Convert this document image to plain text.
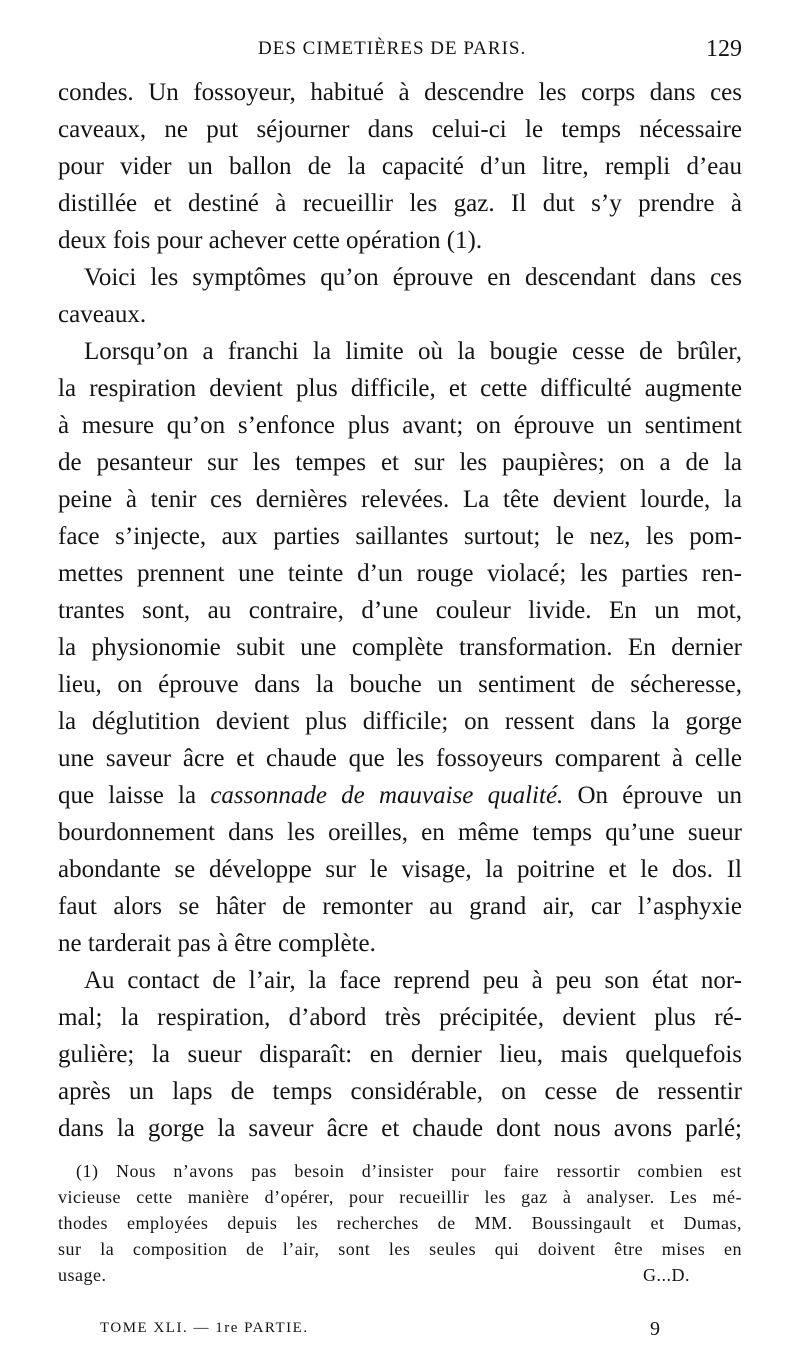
DES CIMETIÈRES DE PARIS.	129
condes. Un fossoyeur, habitué à descendre les corps dans ces
caveaux, ne put séjourner dans celui-ci le temps nécessaire
pour vider un ballon de la capacité d’un litre, rempli d’eau
distillée et destiné à recueillir les gaz. Il dut s’y prendre à
deux fois pour achever cette opération (1).
Voici les symptômes qu’on éprouve en descendant dans ces
caveaux.
Lorsqu’on a franchi la limite où la bougie cesse de brûler,
la respiration devient plus difficile, et cette difficulté augmente
à mesure qu’on s’enfonce plus avant; on éprouve un sentiment
de pesanteur sur les tempes et sur les paupières; on a de la
peine à tenir ces dernières relevées. La tête devient lourde, la
face s’injecte, aux parties saillantes surtout; le nez, les pom-
mettes prennent une teinte d’un rouge violacé; les parties ren-
trantes sont, au contraire, d’une couleur livide. En un mot,
la physionomie subit une complète transformation. En dernier
lieu, on éprouve dans la bouche un sentiment de sécheresse,
la déglutition devient plus difficile; on ressent dans la gorge
une saveur âcre et chaude que les fossoyeurs comparent à celle
que laisse la cassonnade de mauvaise qualité. On éprouve un
bourdonnement dans les oreilles, en même temps qu’une sueur
abondante se développe sur le visage, la poitrine et le dos. Il
faut alors se hâter de remonter au grand air, car l’asphyxie
ne tarderait pas à être complète.
Au contact de l’air, la face reprend peu à peu son état nor-
mal; la respiration, d’abord très précipitée, devient plus ré-
gulière; la sueur disparaît: en dernier lieu, mais quelquefois
après un laps de temps considérable, on cesse de ressentir
dans la gorge la saveur âcre et chaude dont nous avons parlé;
(1) Nous n’avons pas besoin d’insister pour faire ressortir combien est
vicieuse cette manière d’opérer, pour recueillir les gaz à analyser. Les mé-
thodes employées depuis les recherches de MM. Boussingault et Dumas,
sur la composition de l’air, sont les seules qui doivent être mises en
usage.	G...D.
TOME XLI. — 1re PARTIE.	9
